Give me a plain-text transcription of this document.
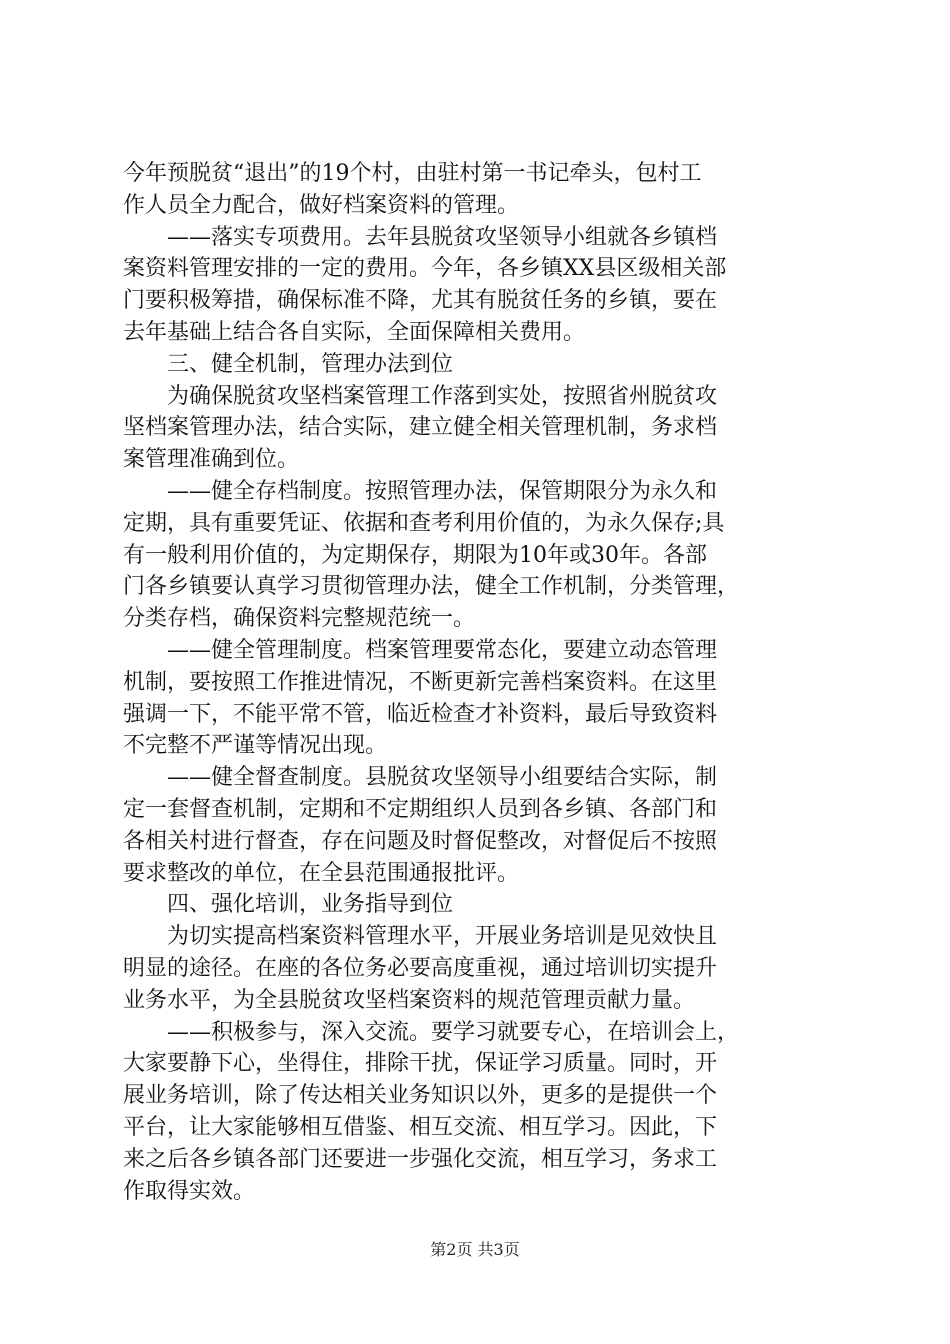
今年预脱贫“退出”的19个村，由驻村第一书记牵头，包村工
作人员全力配合，做好档案资料的管理。
　　——落实专项费用。去年县脱贫攻坚领导小组就各乡镇档
案资料管理安排的一定的费用。今年，各乡镇XX县区级相关部
门要积极筹措，确保标准不降，尤其有脱贫任务的乡镇，要在
去年基础上结合各自实际，全面保障相关费用。
　　三、健全机制，管理办法到位
　　为确保脱贫攻坚档案管理工作落到实处，按照省州脱贫攻
坚档案管理办法，结合实际，建立健全相关管理机制，务求档
案管理准确到位。
　　——健全存档制度。按照管理办法，保管期限分为永久和
定期，具有重要凭证、依据和查考利用价值的，为永久保存;具
有一般利用价值的，为定期保存，期限为10年或30年。各部
门各乡镇要认真学习贯彻管理办法，健全工作机制，分类管理，
分类存档，确保资料完整规范统一。
　　——健全管理制度。档案管理要常态化，要建立动态管理
机制，要按照工作推进情况，不断更新完善档案资料。在这里
强调一下，不能平常不管，临近检查才补资料，最后导致资料
不完整不严谨等情况出现。
　　——健全督查制度。县脱贫攻坚领导小组要结合实际，制
定一套督查机制，定期和不定期组织人员到各乡镇、各部门和
各相关村进行督查，存在问题及时督促整改，对督促后不按照
要求整改的单位，在全县范围通报批评。
　　四、强化培训，业务指导到位
　　为切实提高档案资料管理水平，开展业务培训是见效快且
明显的途径。在座的各位务必要高度重视，通过培训切实提升
业务水平，为全县脱贫攻坚档案资料的规范管理贡献力量。
　　——积极参与，深入交流。要学习就要专心，在培训会上，
大家要静下心，坐得住，排除干扰，保证学习质量。同时，开
展业务培训，除了传达相关业务知识以外，更多的是提供一个
平台，让大家能够相互借鉴、相互交流、相互学习。因此，下
来之后各乡镇各部门还要进一步强化交流，相互学习，务求工
作取得实效。
第2页 共3页
